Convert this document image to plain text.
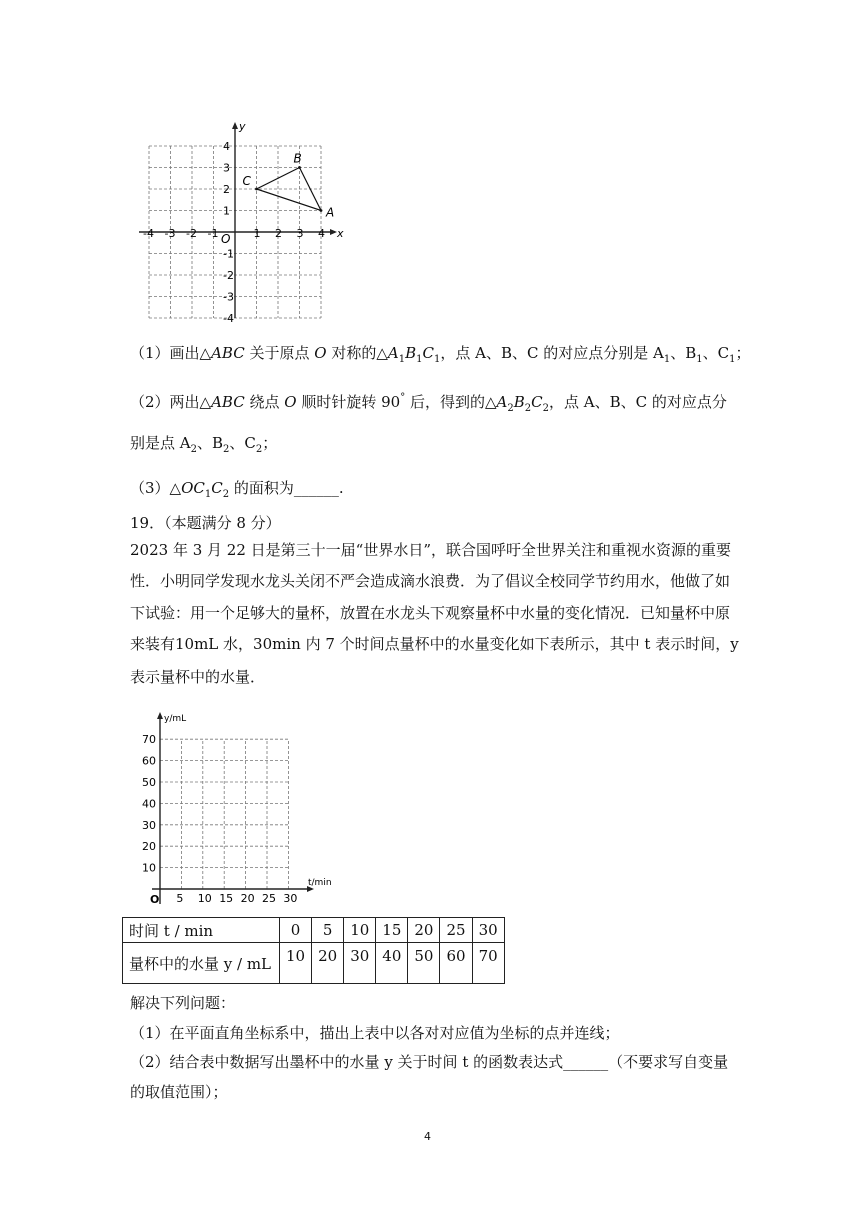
x
y
O
-4 -3 -2 -1	1 2 3 4
4
3
2
1
-1
-2
-3
-4
A
B
C
（1）画出△ABC 关于原点 O 对称的$\triangle A_1B_1C_1$，点 A、B、C 的对应点分别是 $A_1$、$B_1$、$C_1$；
（2）两出△ABC 绕点 O 顺时针旋转 90° 后，得到的$\triangle A_2B_2C_2$，点 A、B、C 的对应点分
别是点 $A_2$、$B_2$、$C_2$；
$(3)\triangle OC_1C_2$ 的面积为______.
19．（本题满分 8 分）
2023 年 3 月 22 日是第三十一届“世界水日”，联合国呼吁全世界关注和重视水资源的重要
性．小明同学发现水龙头关闭不严会造成滴水浪费．为了倡议全校同学节约用水，他做了如
下试验：用一个足够大的量杯，放置在水龙头下观察量杯中水量的变化情况．已知量杯中原
来装有10mL 水，30min 内 7 个时间点量杯中的水量变化如下表所示，其中 t 表示时间，y
表示量杯中的水量．
y/mL
t/min
O 5 10 15 20 25 30
10
20
30
40
50
60
70
时间 t / min	0	5	10	15	20	25	30
量杯中的水量 y / mL	10	20	30	40	50	60	70
解决下列问题：
（1）在平面直角坐标系中，描出上表中以各对对应值为坐标的点并连线；
（2）结合表中数据写出墨杯中的水量 y 关于时间 t 的函数表达式______（不要求写自变量
的取值范围）；
4
